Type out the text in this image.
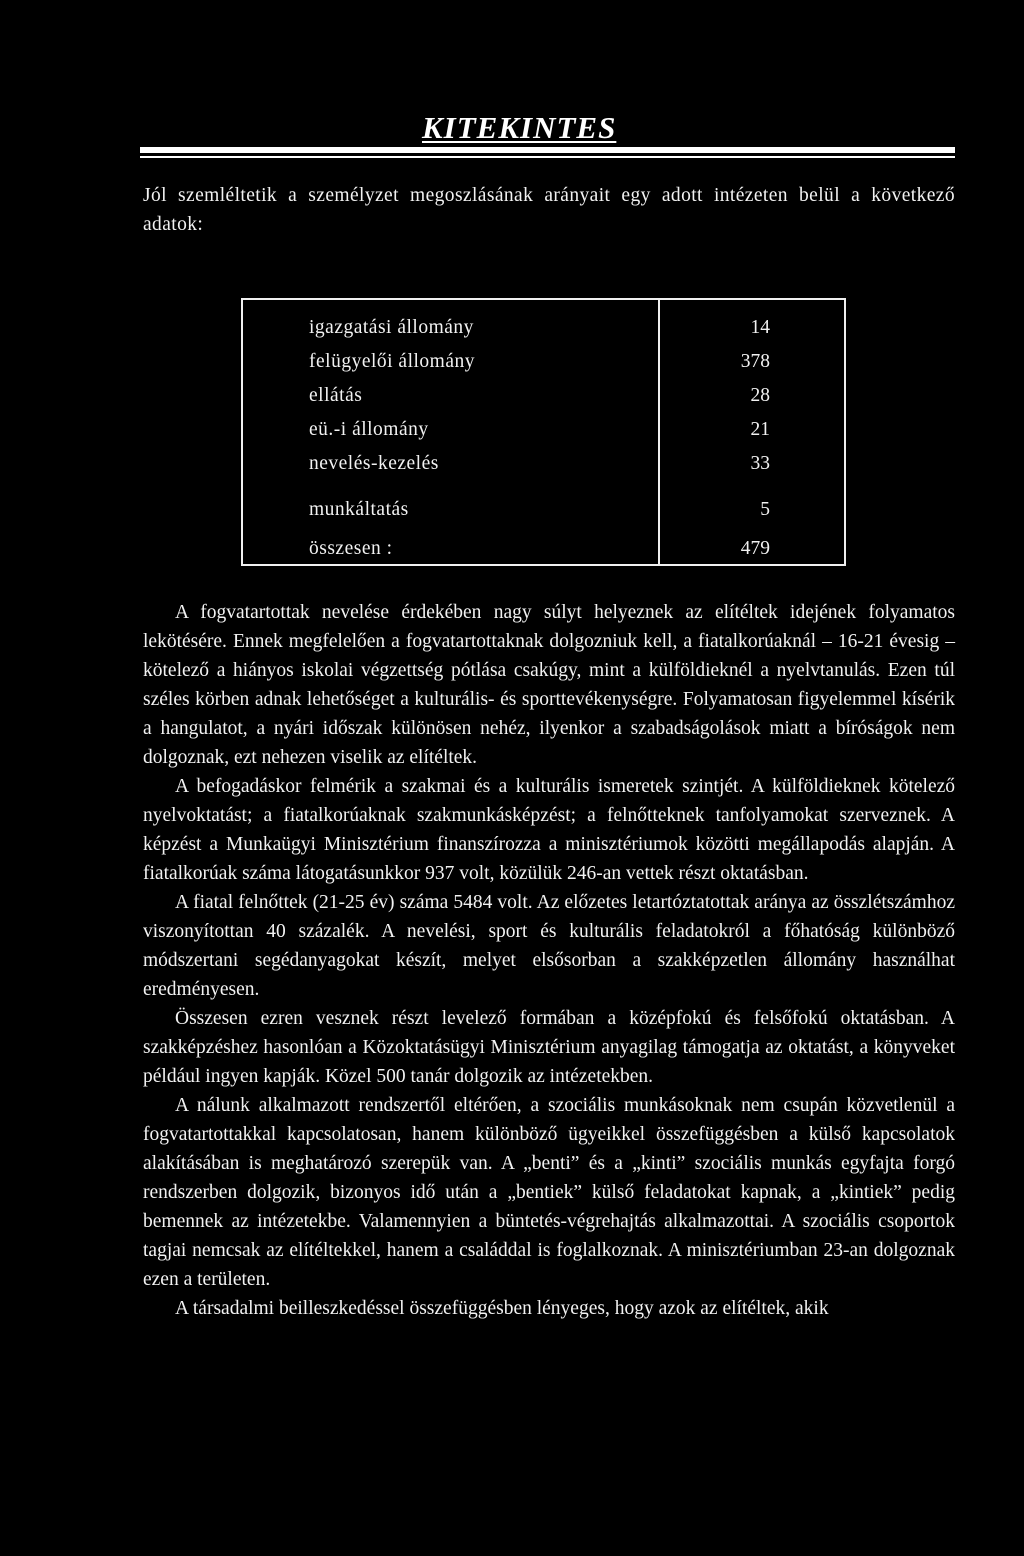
KITEKINTES
Jól szemléltetik a személyzet megoszlásának arányait egy adott intézeten belül a következő adatok:
igazgatási állomány	14
felügyelői állomány	378
ellátás	28
eü.-i állomány	21
nevelés-kezelés	33
munkáltatás	5
összesen :	479

A fogvatartottak nevelése érdekében nagy súlyt helyeznek az elítéltek idejének folyamatos lekötésére. Ennek megfelelően a fogvatartottaknak dolgozniuk kell, a fiatalkorúaknál – 16-21 évesig – kötelező a hiányos iskolai végzettség pótlása csakúgy, mint a külföldieknél a nyelvtanulás. Ezen túl széles körben adnak lehetőséget a kulturális- és sporttevékenységre. Folyamatosan figyelemmel kísérik a hangulatot, a nyári időszak különösen nehéz, ilyenkor a szabadságolások miatt a bíróságok nem dolgoznak, ezt nehezen viselik az elítéltek.

A befogadáskor felmérik a szakmai és a kulturális ismeretek szintjét. A külföldieknek kötelező nyelvoktatást; a fiatalkorúaknak szakmunkásképzést; a felnőtteknek tanfolyamokat szerveznek. A képzést a Munkaügyi Minisztérium finanszírozza a minisztériumok közötti megállapodás alapján. A fiatalkorúak száma látogatásunkkor 937 volt, közülük 246-an vettek részt oktatásban.

A fiatal felnőttek (21-25 év) száma 5484 volt. Az előzetes letartóztatottak aránya az összlétszámhoz viszonyítottan 40 százalék. A nevelési, sport és kulturális feladatokról a főhatóság különböző módszertani segédanyagokat készít, melyet elsősorban a szakképzetlen állomány használhat eredményesen.

Összesen ezren vesznek részt levelező formában a középfokú és felsőfokú oktatásban. A szakképzéshez hasonlóan a Közoktatásügyi Minisztérium anyagilag támogatja az oktatást, a könyveket például ingyen kapják. Közel 500 tanár dolgozik az intézetekben.

A nálunk alkalmazott rendszertől eltérően, a szociális munkásoknak nem csupán közvetlenül a fogvatartottakkal kapcsolatosan, hanem különböző ügyeikkel összefüggésben a külső kapcsolatok alakításában is meghatározó szerepük van. A „benti” és a „kinti” szociális munkás egyfajta forgó rendszerben dolgozik, bizonyos idő után a „bentiek” külső feladatokat kapnak, a „kintiek” pedig bemennek az intézetekbe. Valamennyien a büntetés-végrehajtás alkalmazottai. A szociális csoportok tagjai nemcsak az elítéltekkel, hanem a családdal is foglalkoznak. A minisztériumban 23-an dolgoznak ezen a területen.

A társadalmi beilleszkedéssel összefüggésben lényeges, hogy azok az elítéltek, akik
